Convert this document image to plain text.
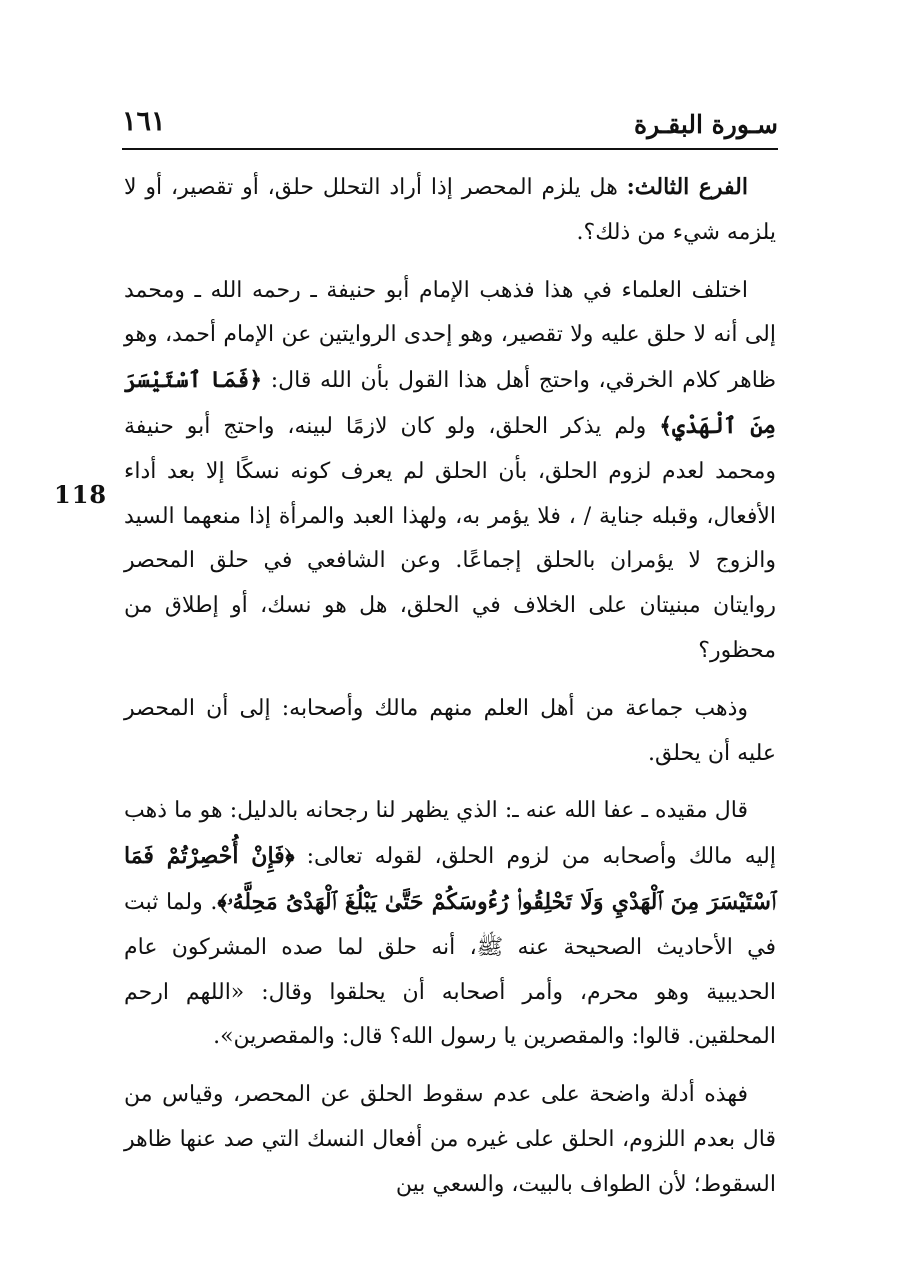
سـورة البقـرة
١٦١
118

الفرع الثالث: هل يلزم المحصر إذا أراد التحلل حلق، أو تقصير، أو لا يلزمه شيء من ذلك؟.

اختلف العلماء في هذا فذهب الإمام أبو حنيفة ـ رحمه الله ـ ومحمد إلى أنه لا حلق عليه ولا تقصير، وهو إحدى الروايتين عن الإمام أحمد، وهو ظاهر كلام الخرقي، واحتج أهل هذا القول بأن الله قال: ﴿فَمَا ٱسْتَيْسَرَ مِنَ ٱلْهَدْيِ﴾ ولم يذكر الحلق، ولو كان لازمًا لبينه، واحتج أبو حنيفة ومحمد لعدم لزوم الحلق، بأن الحلق لم يعرف كونه نسكًا إلا بعد أداء الأفعال، وقبله جناية / ، فلا يؤمر به، ولهذا العبد والمرأة إذا منعهما السيد والزوج لا يؤمران بالحلق إجماعًا. وعن الشافعي في حلق المحصر روايتان مبنيتان على الخلاف في الحلق، هل هو نسك، أو إطلاق من محظور؟

وذهب جماعة من أهل العلم منهم مالك وأصحابه: إلى أن المحصر عليه أن يحلق.

قال مقيده ـ عفا الله عنه ـ: الذي يظهر لنا رجحانه بالدليل: هو ما ذهب إليه مالك وأصحابه من لزوم الحلق، لقوله تعالى: ﴿فَإِنْ أُحْصِرْتُمْ فَمَا ٱسْتَيْسَرَ مِنَ ٱلْهَدْيِ وَلَا تَحْلِقُوا۟ رُءُوسَكُمْ حَتَّىٰ يَبْلُغَ ٱلْهَدْىُ مَحِلَّهُۥ﴾. ولما ثبت في الأحاديث الصحيحة عنه ﷺ، أنه حلق لما صده المشركون عام الحديبية وهو محرم، وأمر أصحابه أن يحلقوا وقال: «اللهم ارحم المحلقين. قالوا: والمقصرين يا رسول الله؟ قال: والمقصرين».

فهذه أدلة واضحة على عدم سقوط الحلق عن المحصر، وقياس من قال بعدم اللزوم، الحلق على غيره من أفعال النسك التي صد عنها ظاهر السقوط؛ لأن الطواف بالبيت، والسعي بين
